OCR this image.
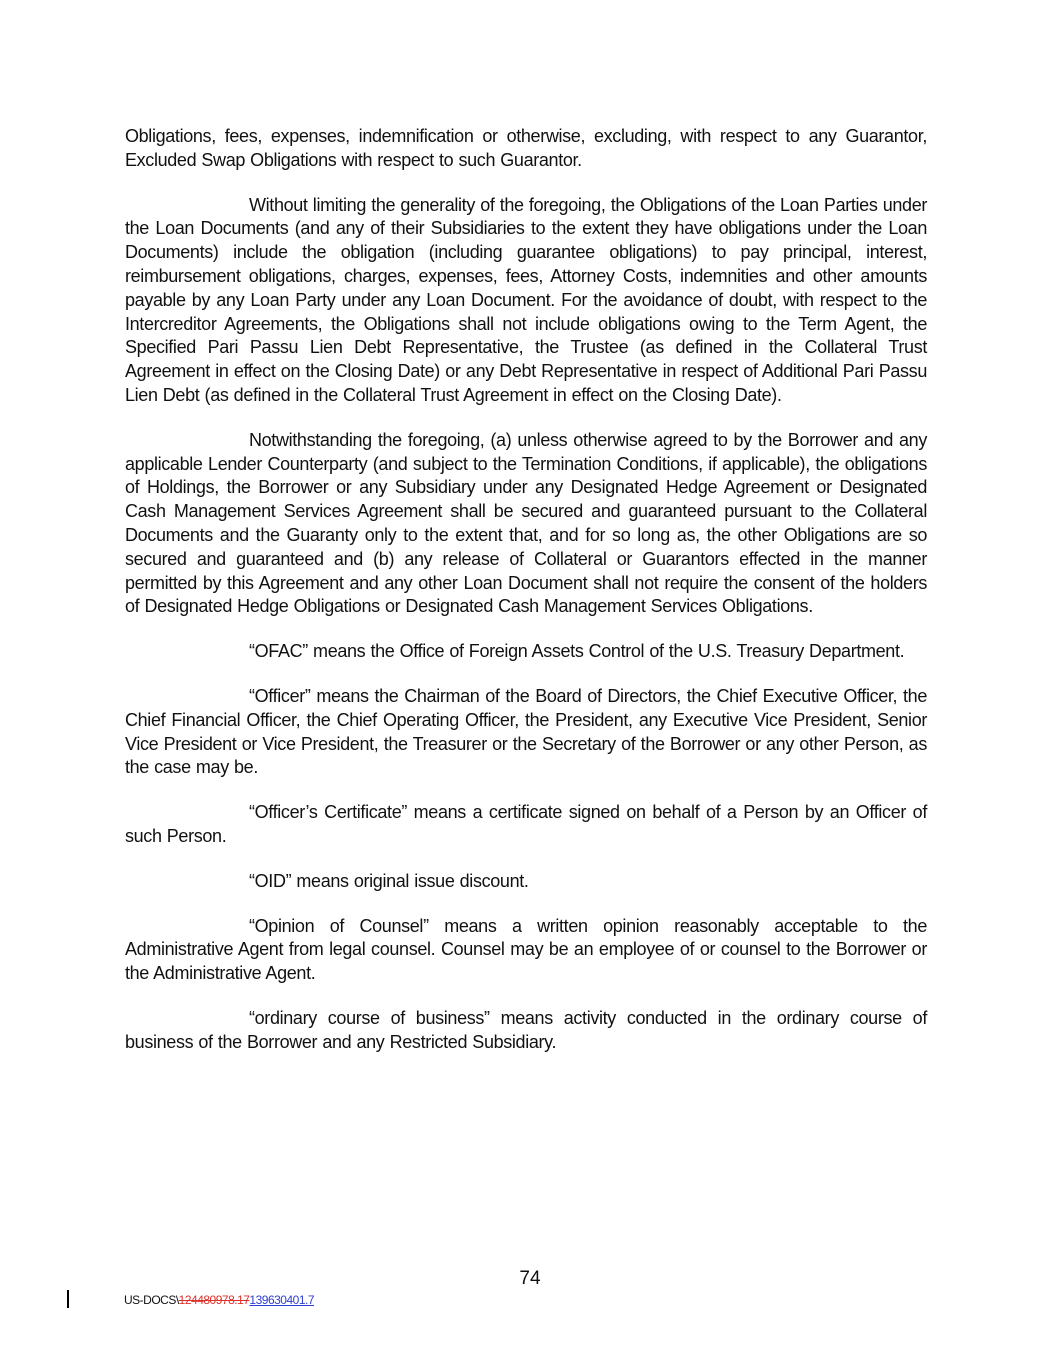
Obligations, fees, expenses, indemnification or otherwise, excluding, with respect to any Guarantor, Excluded Swap Obligations with respect to such Guarantor.

Without limiting the generality of the foregoing, the Obligations of the Loan Parties under the Loan Documents (and any of their Subsidiaries to the extent they have obligations under the Loan Documents) include the obligation (including guarantee obligations) to pay principal, interest, reimbursement obligations, charges, expenses, fees, Attorney Costs, indemnities and other amounts payable by any Loan Party under any Loan Document. For the avoidance of doubt, with respect to the Intercreditor Agreements, the Obligations shall not include obligations owing to the Term Agent, the Specified Pari Passu Lien Debt Representative, the Trustee (as defined in the Collateral Trust Agreement in effect on the Closing Date) or any Debt Representative in respect of Additional Pari Passu Lien Debt (as defined in the Collateral Trust Agreement in effect on the Closing Date).

Notwithstanding the foregoing, (a) unless otherwise agreed to by the Borrower and any applicable Lender Counterparty (and subject to the Termination Conditions, if applicable), the obligations of Holdings, the Borrower or any Subsidiary under any Designated Hedge Agreement or Designated Cash Management Services Agreement shall be secured and guaranteed pursuant to the Collateral Documents and the Guaranty only to the extent that, and for so long as, the other Obligations are so secured and guaranteed and (b) any release of Collateral or Guarantors effected in the manner permitted by this Agreement and any other Loan Document shall not require the consent of the holders of Designated Hedge Obligations or Designated Cash Management Services Obligations.

“OFAC” means the Office of Foreign Assets Control of the U.S. Treasury Department.

“Officer” means the Chairman of the Board of Directors, the Chief Executive Officer, the Chief Financial Officer, the Chief Operating Officer, the President, any Executive Vice President, Senior Vice President or Vice President, the Treasurer or the Secretary of the Borrower or any other Person, as the case may be.

“Officer’s Certificate” means a certificate signed on behalf of a Person by an Officer of such Person.

“OID” means original issue discount.

“Opinion of Counsel” means a written opinion reasonably acceptable to the Administrative Agent from legal counsel. Counsel may be an employee of or counsel to the Borrower or the Administrative Agent.

“ordinary course of business” means activity conducted in the ordinary course of business of the Borrower and any Restricted Subsidiary.

74
US-DOCS\124480978.17139630401.7
